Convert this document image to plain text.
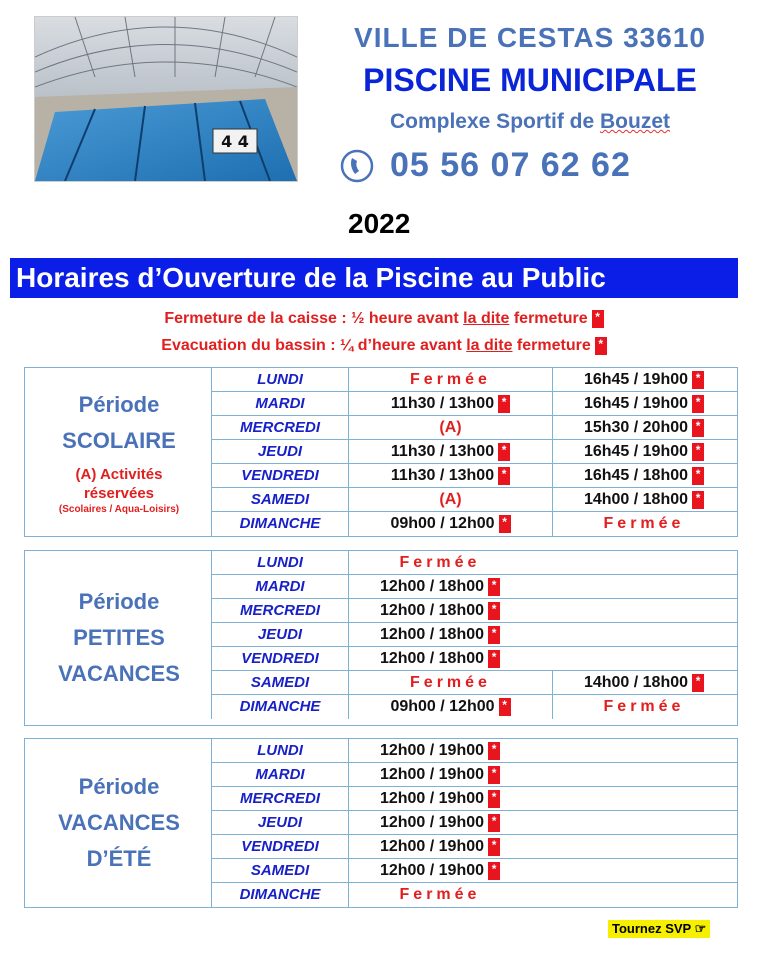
4 4
VILLE DE CESTAS 33610
PISCINE MUNICIPALE
Complexe Sportif de Bouzet
05 56 07 62 62
2022
Horaires d’Ouverture de la Piscine au Public
Fermeture de la caisse : ½ heure avant la dite fermeture *
Evacuation du bassin : ¼ d’heure avant la dite fermeture *
Période
SCOLAIRE
(A) Activités
réservées
(Scolaires / Aqua-Loisirs)
LUNDI	Fermée	16h45 / 19h00 *
MARDI	11h30 / 13h00 *	16h45 / 19h00 *
MERCREDI	(A)	15h30 / 20h00 *
JEUDI	11h30 / 13h00 *	16h45 / 19h00 *
VENDREDI	11h30 / 13h00 *	16h45 / 18h00 *
SAMEDI	(A)	14h00 / 18h00 *
DIMANCHE	09h00 / 12h00 *	Fermée
Période
PETITES
VACANCES
LUNDI	Fermée
MARDI	12h00 / 18h00 *
MERCREDI	12h00 / 18h00 *
JEUDI	12h00 / 18h00 *
VENDREDI	12h00 / 18h00 *
SAMEDI	Fermée	14h00 / 18h00 *
DIMANCHE	09h00 / 12h00 *	Fermée
Période
VACANCES
D’ÉTÉ
LUNDI	12h00 / 19h00 *
MARDI	12h00 / 19h00 *
MERCREDI	12h00 / 19h00 *
JEUDI	12h00 / 19h00 *
VENDREDI	12h00 / 19h00 *
SAMEDI	12h00 / 19h00 *
DIMANCHE	Fermée
Tournez SVP ☞
